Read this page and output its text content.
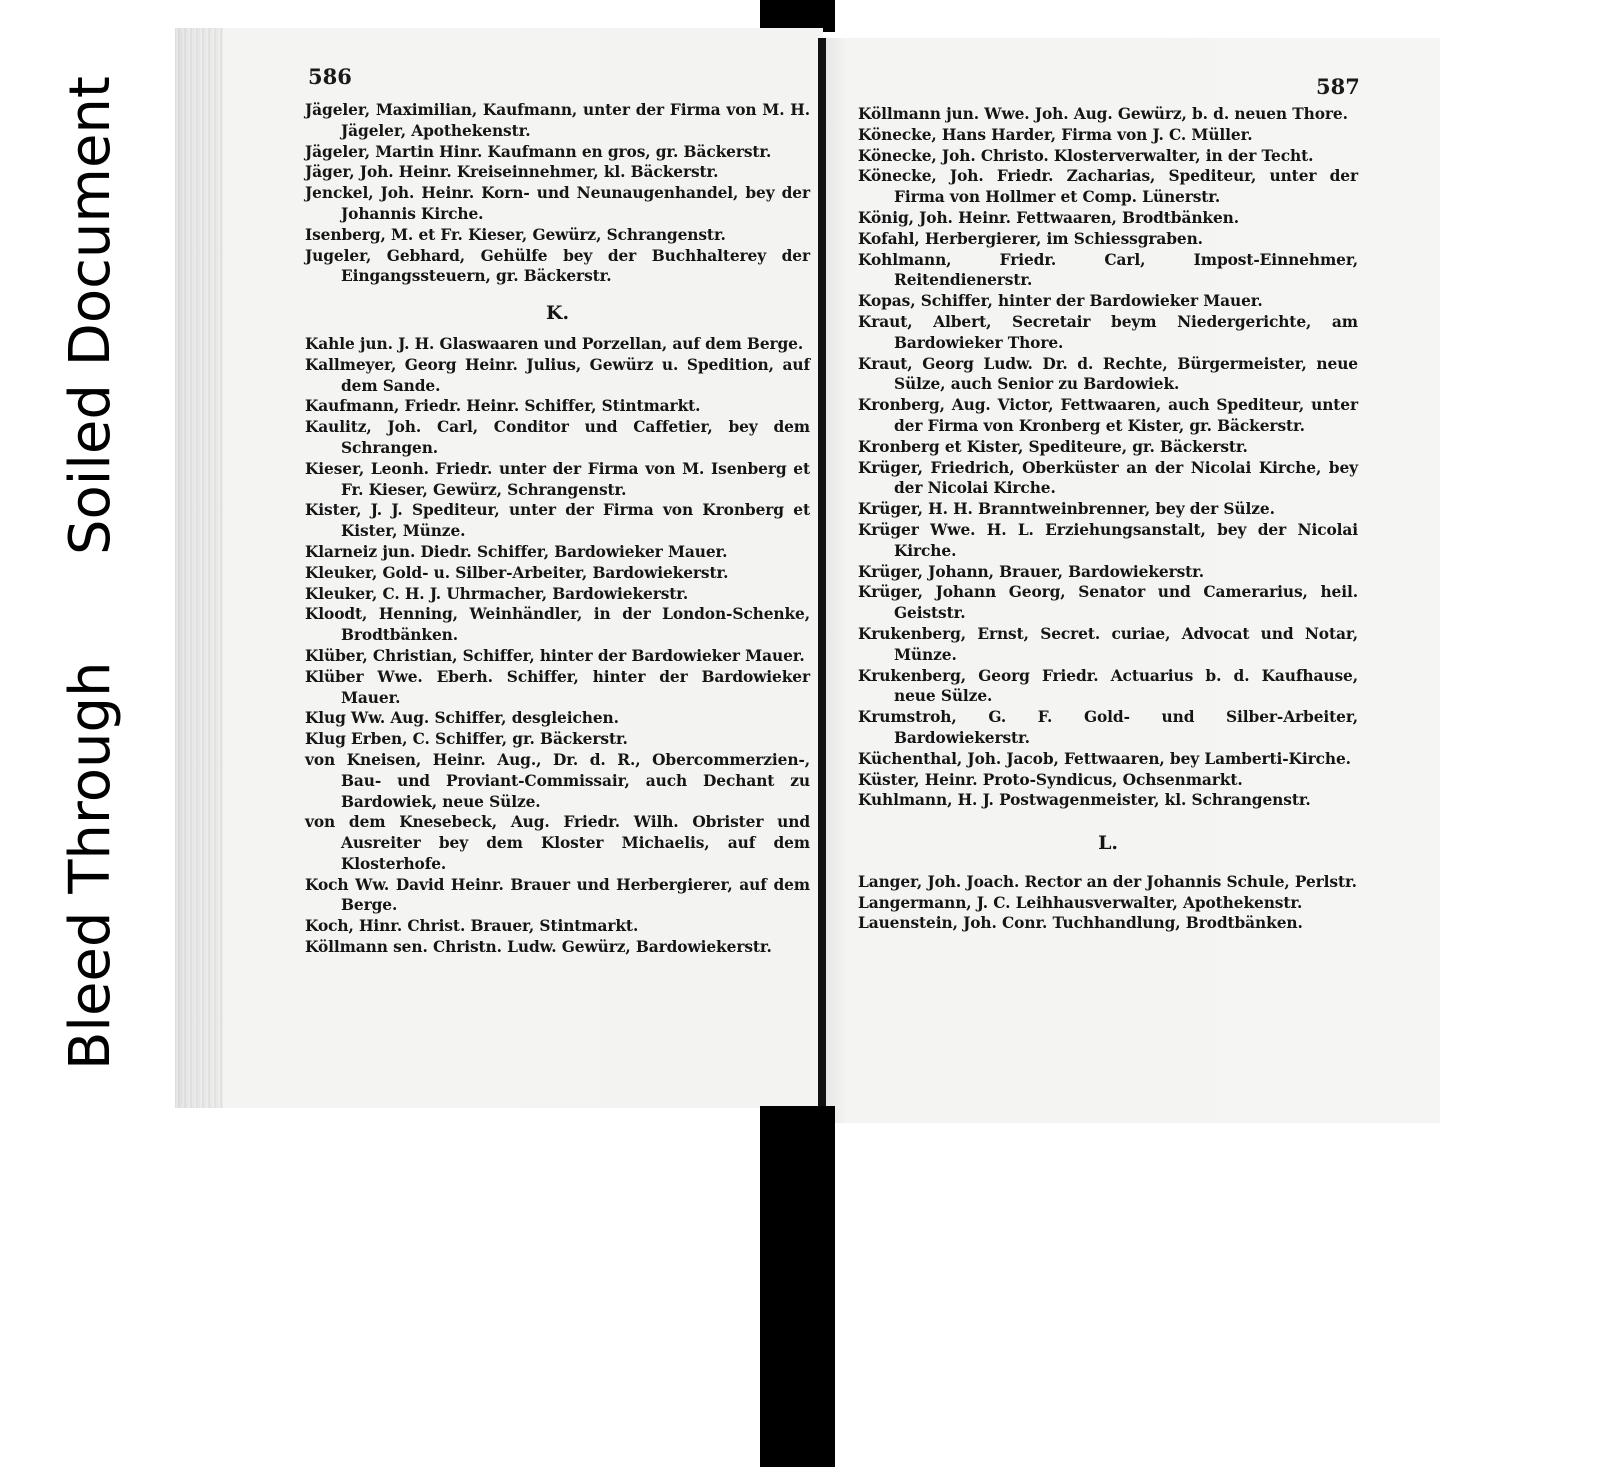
Bleed Through
Soiled Document	586	587
Jägeler, Maximilian, Kaufmann, unter der Firma von M. H. Jägeler, Apothekenstr.
Jägeler, Martin Hinr. Kaufmann en gros, gr. Bäckerstr.
Jäger, Joh. Heinr. Kreiseinnehmer, kl. Bäckerstr.
Jenckel, Joh. Heinr. Korn- und Neunaugenhandel, bey der Johannis Kirche.
Isenberg, M. et Fr. Kieser, Gewürz, Schrangenstr.
Jugeler, Gebhard, Gehülfe bey der Buchhalterey der Eingangssteuern, gr. Bäckerstr.
K.
Kahle jun. J. H. Glaswaaren und Porzellan, auf dem Berge.
Kallmeyer, Georg Heinr. Julius, Gewürz u. Spedition, auf dem Sande.
Kaufmann, Friedr. Heinr. Schiffer, Stintmarkt.
Kaulitz, Joh. Carl, Conditor und Caffetier, bey dem Schrangen.
Kieser, Leonh. Friedr. unter der Firma von M. Isenberg et Fr. Kieser, Gewürz, Schrangenstr.
Kister, J. J. Spediteur, unter der Firma von Kronberg et Kister, Münze.
Klarneiz jun. Diedr. Schiffer, Bardowieker Mauer.
Kleuker, Gold- u. Silber-Arbeiter, Bardowiekerstr.
Kleuker, C. H. J. Uhrmacher, Bardowiekerstr.
Kloodt, Henning, Weinhändler, in der London-Schenke, Brodtbänken.
Klüber, Christian, Schiffer, hinter der Bardowieker Mauer.
Klüber Wwe. Eberh. Schiffer, hinter der Bardowieker Mauer.
Klug Ww. Aug. Schiffer, desgleichen.
Klug Erben, C. Schiffer, gr. Bäckerstr.
von Kneisen, Heinr. Aug., Dr. d. R., Obercommerzien-, Bau- und Proviant-Commissair, auch Dechant zu Bardowiek, neue Sülze.
von dem Knesebeck, Aug. Friedr. Wilh. Obrister und Ausreiter bey dem Kloster Michaelis, auf dem Klosterhofe.
Koch Ww. David Heinr. Brauer und Herbergierer, auf dem Berge.
Koch, Hinr. Christ. Brauer, Stintmarkt.
Köllmann sen. Christn. Ludw. Gewürz, Bardowiekerstr.
Köllmann jun. Wwe. Joh. Aug. Gewürz, b. d. neuen Thore.
Könecke, Hans Harder, Firma von J. C. Müller.
Könecke, Joh. Christo. Klosterverwalter, in der Techt.
Könecke, Joh. Friedr. Zacharias, Spediteur, unter der Firma von Hollmer et Comp. Lünerstr.
König, Joh. Heinr. Fettwaaren, Brodtbänken.
Kofahl, Herbergierer, im Schiessgraben.
Kohlmann, Friedr. Carl, Impost-Einnehmer, Reitendienerstr.
Kopas, Schiffer, hinter der Bardowieker Mauer.
Kraut, Albert, Secretair beym Niedergerichte, am Bardowieker Thore.
Kraut, Georg Ludw. Dr. d. Rechte, Bürgermeister, neue Sülze, auch Senior zu Bardowiek.
Kronberg, Aug. Victor, Fettwaaren, auch Spediteur, unter der Firma von Kronberg et Kister, gr. Bäckerstr.
Kronberg et Kister, Spediteure, gr. Bäckerstr.
Krüger, Friedrich, Oberküster an der Nicolai Kirche, bey der Nicolai Kirche.
Krüger, H. H. Branntweinbrenner, bey der Sülze.
Krüger Wwe. H. L. Erziehungsanstalt, bey der Nicolai Kirche.
Krüger, Johann, Brauer, Bardowiekerstr.
Krüger, Johann Georg, Senator und Camerarius, heil. Geiststr.
Krukenberg, Ernst, Secret. curiae, Advocat und Notar, Münze.
Krukenberg, Georg Friedr. Actuarius b. d. Kaufhause, neue Sülze.
Krumstroh, G. F. Gold- und Silber-Arbeiter, Bardowiekerstr.
Küchenthal, Joh. Jacob, Fettwaaren, bey Lamberti-Kirche.
Küster, Heinr. Proto-Syndicus, Ochsenmarkt.
Kuhlmann, H. J. Postwagenmeister, kl. Schrangenstr.
L.
Langer, Joh. Joach. Rector an der Johannis Schule, Perlstr.
Langermann, J. C. Leihhausverwalter, Apothekenstr.
Lauenstein, Joh. Conr. Tuchhandlung, Brodtbänken.
